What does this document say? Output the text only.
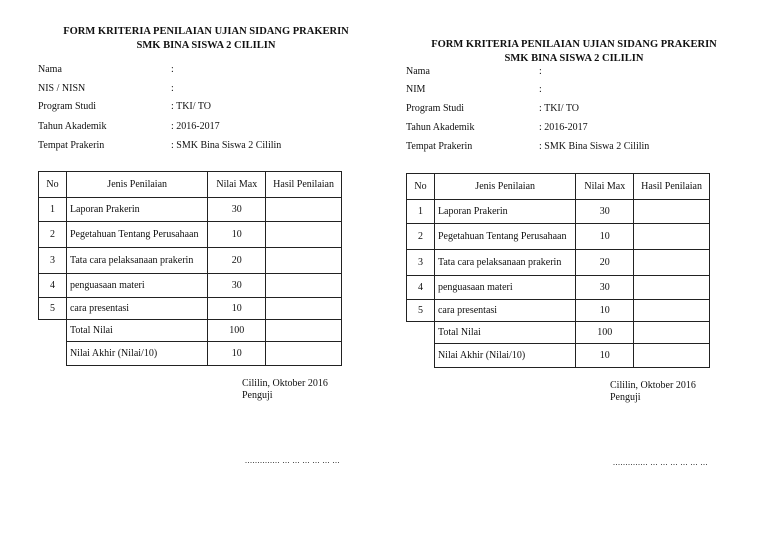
FORM KRITERIA PENILAIAN UJIAN SIDANG PRAKERIN
SMK BINA SISWA 2 CILILIN
Nama	:
NIS / NISN	:
Program Studi	: TKI/ TO
Tahun Akademik	: 2016-2017
Tempat Prakerin	: SMK Bina Siswa 2 Cililin
No	Jenis Penilaian	Nilai Max	Hasil Penilaian
1	Laporan Prakerin	30	
2	Pegetahuan Tentang Perusahaan	10	
3	Tata cara pelaksanaan prakerin	20	
4	penguasaan materi	30	
5	cara presentasi	10	
	Total Nilai	100	
	Nilai Akhir (Nilai/10)	10	
Cililin, Oktober 2016
Penguji
.............. ... ... ... ... ... ...
FORM KRITERIA PENILAIAN UJIAN SIDANG PRAKERIN
SMK BINA SISWA 2 CILILIN
Nama	:
NIM	:
Program Studi	: TKI/ TO
Tahun Akademik	: 2016-2017
Tempat Prakerin	: SMK Bina Siswa 2 Cililin
No	Jenis Penilaian	Nilai Max	Hasil Penilaian
1	Laporan Prakerin	30	
2	Pegetahuan Tentang Perusahaan	10	
3	Tata cara pelaksanaan prakerin	20	
4	penguasaan materi	30	
5	cara presentasi	10	
	Total Nilai	100	
	Nilai Akhir (Nilai/10)	10	
Cililin, Oktober 2016
Penguji
.............. ... ... ... ... ... ...
